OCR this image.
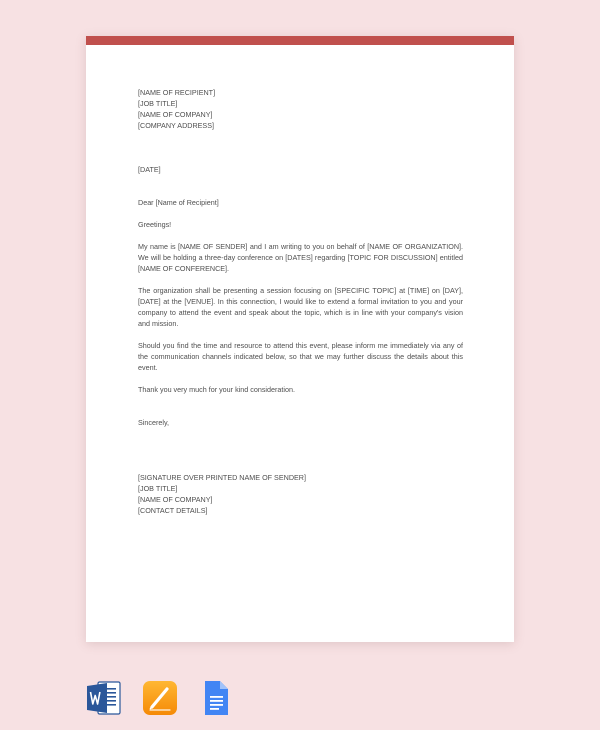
[NAME OF RECIPIENT]
[JOB TITLE]
[NAME OF COMPANY]
[COMPANY ADDRESS]
[DATE]
Dear [Name of Recipient]
Greetings!

My name is [NAME OF SENDER] and I am writing to you on behalf of [NAME OF ORGANIZATION]. We will be holding a three-day conference on [DATES] regarding [TOPIC FOR DISCUSSION] entitled [NAME OF CONFERENCE].

The organization shall be presenting a session focusing on [SPECIFIC TOPIC] at [TIME] on [DAY], [DATE] at the [VENUE]. In this connection, I would like to extend a formal invitation to you and your company to attend the event and speak about the topic, which is in line with your company's vision and mission.

Should you find the time and resource to attend this event, please inform me immediately via any of the communication channels indicated below, so that we may further discuss the details about this event.

Thank you very much for your kind consideration.

Sincerely,
[SIGNATURE OVER PRINTED NAME OF SENDER]
[JOB TITLE]
[NAME OF COMPANY]
[CONTACT DETAILS]
